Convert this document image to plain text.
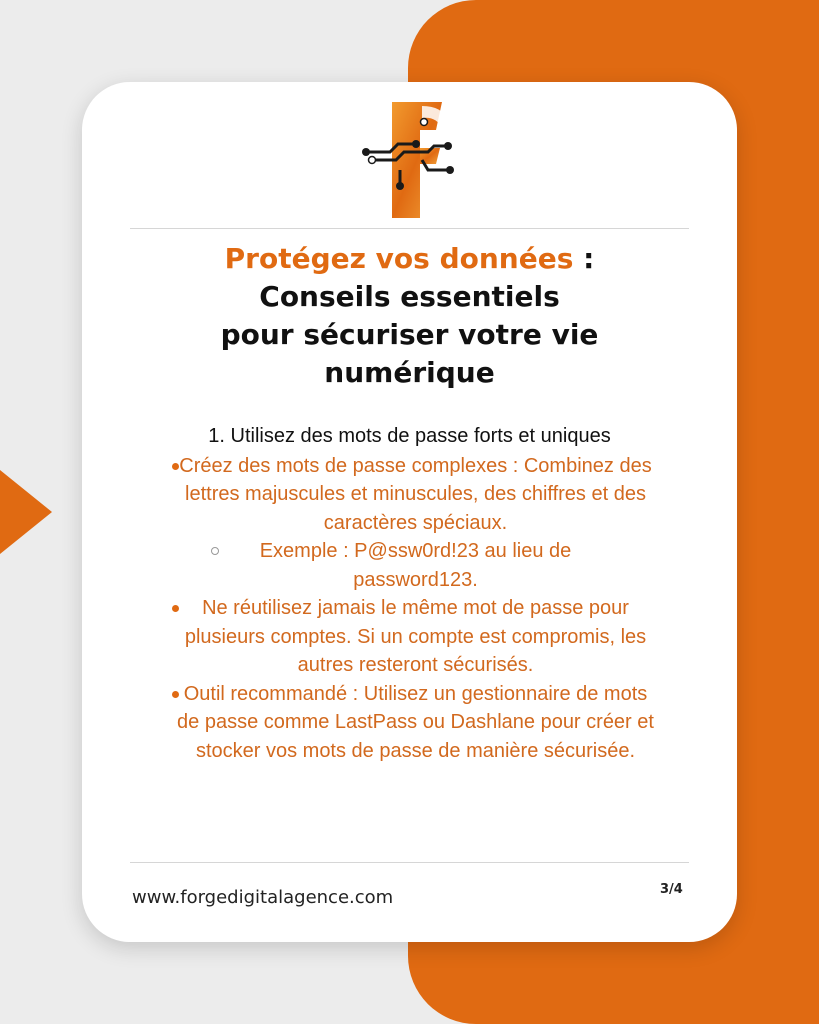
Protégez vos données :
Conseils essentiels
pour sécuriser votre vie
numérique
1. Utilisez des mots de passe forts et uniques
Créez des mots de passe complexes : Combinez des lettres majuscules et minuscules, des chiffres et des caractères spéciaux.
Exemple : P@ssw0rd!23 au lieu de
password123.
Ne réutilisez jamais le même mot de passe pour plusieurs comptes. Si un compte est compromis, les autres resteront sécurisés.
Outil recommandé : Utilisez un gestionnaire de mots de passe comme LastPass ou Dashlane pour créer et stocker vos mots de passe de manière sécurisée.
www.forgedigitalagence.com	3/4
